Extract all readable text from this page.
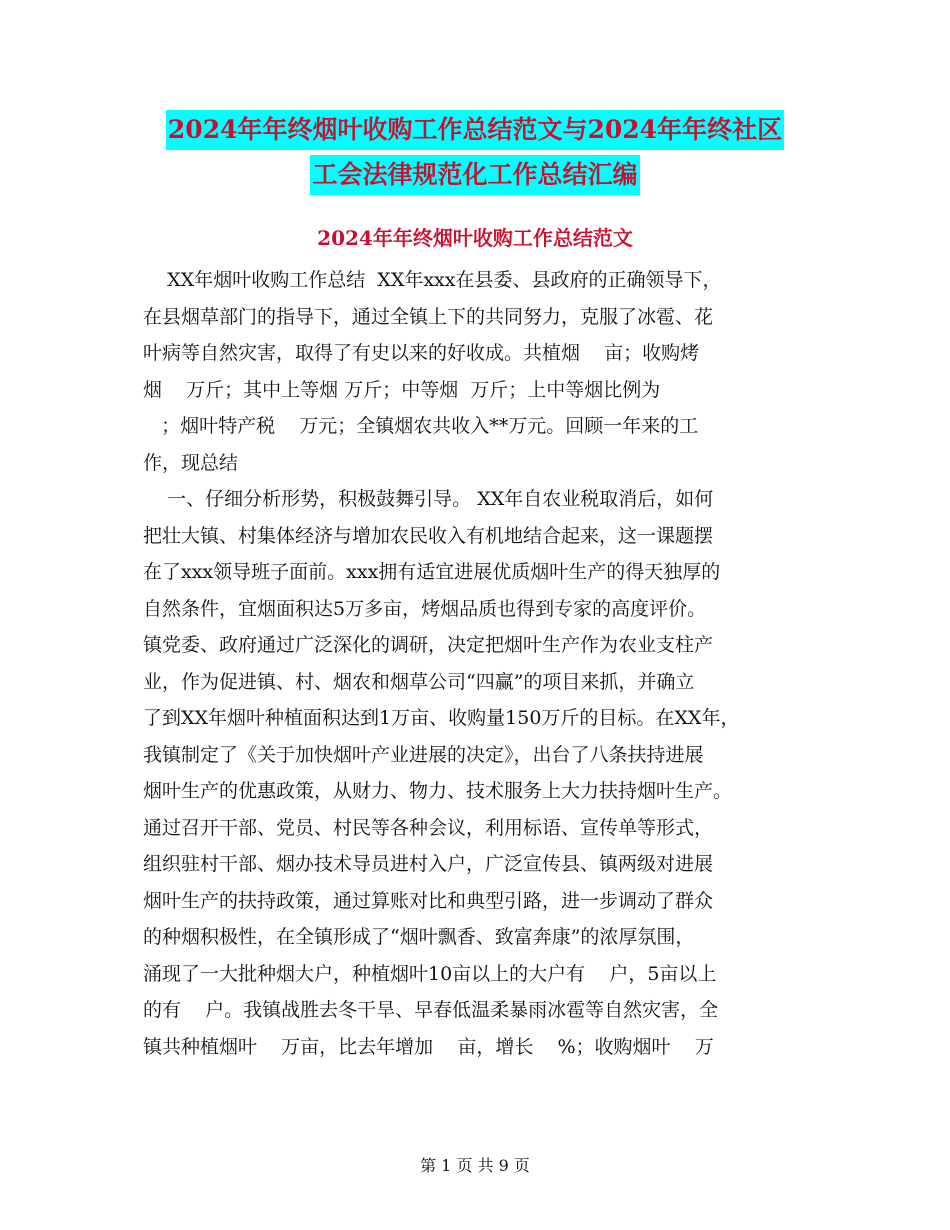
2024年年终烟叶收购工作总结范文与2024年年终社区
工会法律规范化工作总结汇编
2024年年终烟叶收购工作总结范文
XX年烟叶收购工作总结  XX年xxx在县委、县政府的正确领导下，
在县烟草部门的指导下，通过全镇上下的共同努力，克服了冰雹、花
叶病等自然灾害，取得了有史以来的好收成。共植烟    亩；收购烤
烟    万斤；其中上等烟 万斤；中等烟  万斤；上中等烟比例为
；烟叶特产税    万元；全镇烟农共收入**万元。回顾一年来的工
作，现总结
一、仔细分析形势，积极鼓舞引导。 XX年自农业税取消后，如何
把壮大镇、村集体经济与增加农民收入有机地结合起来，这一课题摆
在了xxx领导班子面前。xxx拥有适宜进展优质烟叶生产的得天独厚的
自然条件，宜烟面积达5万多亩，烤烟品质也得到专家的高度评价。
镇党委、政府通过广泛深化的调研，决定把烟叶生产作为农业支柱产
业，作为促进镇、村、烟农和烟草公司“四赢”的项目来抓，并确立
了到XX年烟叶种植面积达到1万亩、收购量150万斤的目标。在XX年，
我镇制定了《关于加快烟叶产业进展的决定》，出台了八条扶持进展
烟叶生产的优惠政策，从财力、物力、技术服务上大力扶持烟叶生产。
通过召开干部、党员、村民等各种会议，利用标语、宣传单等形式，
组织驻村干部、烟办技术导员进村入户，广泛宣传县、镇两级对进展
烟叶生产的扶持政策，通过算账对比和典型引路，进一步调动了群众
的种烟积极性，在全镇形成了“烟叶飘香、致富奔康”的浓厚氛围，
涌现了一大批种烟大户，种植烟叶10亩以上的大户有    户，5亩以上
的有    户。我镇战胜去冬干旱、早春低温柔暴雨冰雹等自然灾害，全
镇共种植烟叶    万亩，比去年增加    亩，增长    %；收购烟叶    万
第 1 页 共 9 页
